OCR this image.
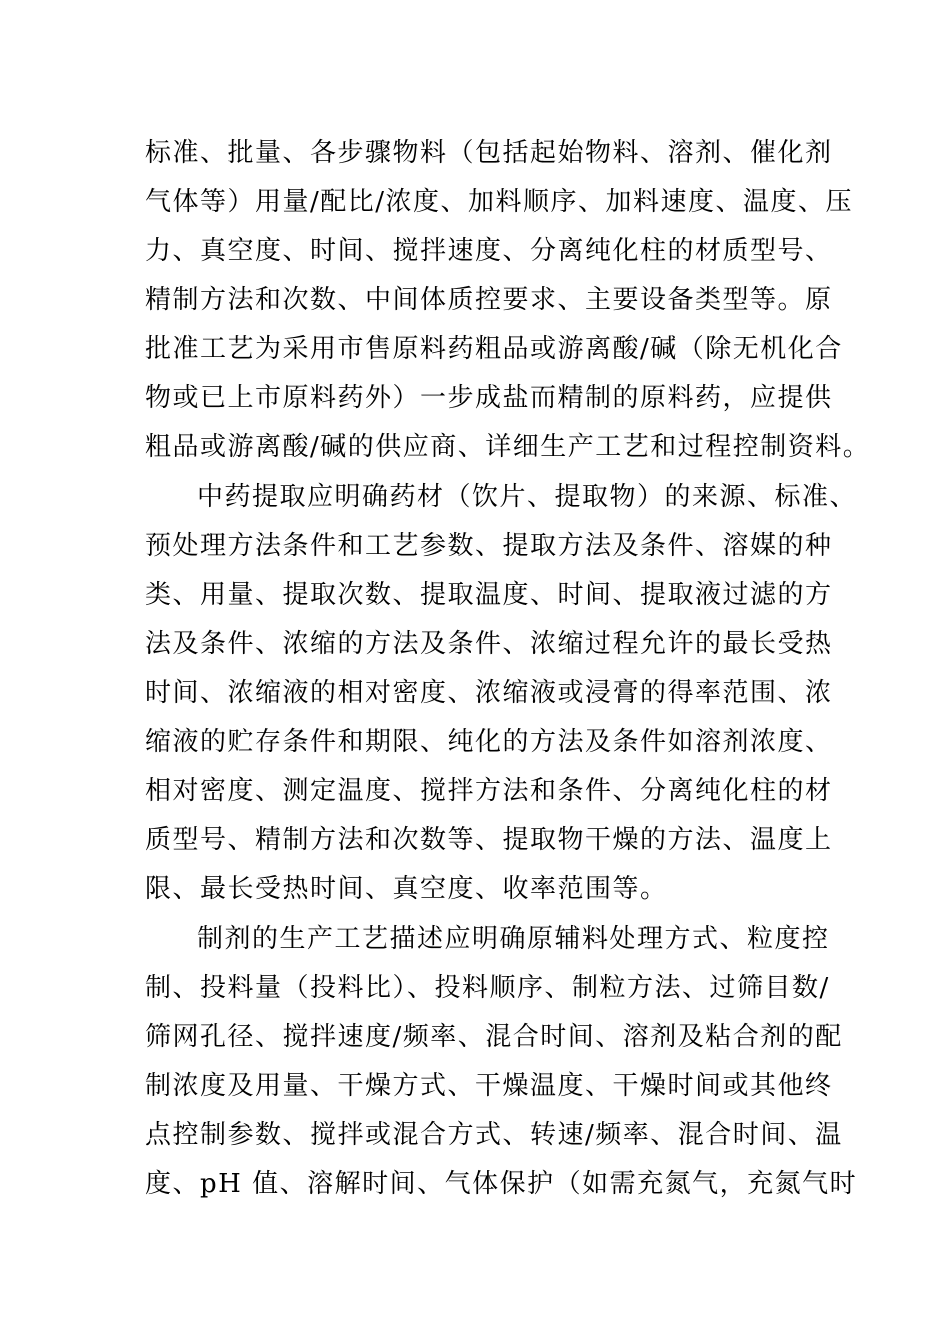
标准、批量、各步骤物料（包括起始物料、溶剂、催化剂
气体等）用量/配比/浓度、加料顺序、加料速度、温度、压
力、真空度、时间、搅拌速度、分离纯化柱的材质型号、
精制方法和次数、中间体质控要求、主要设备类型等。原
批准工艺为采用市售原料药粗品或游离酸/碱（除无机化合
物或已上市原料药外）一步成盐而精制的原料药，应提供
粗品或游离酸/碱的供应商、详细生产工艺和过程控制资料。
中药提取应明确药材（饮片、提取物）的来源、标准、
预处理方法条件和工艺参数、提取方法及条件、溶媒的种
类、用量、提取次数、提取温度、时间、提取液过滤的方
法及条件、浓缩的方法及条件、浓缩过程允许的最长受热
时间、浓缩液的相对密度、浓缩液或浸膏的得率范围、浓
缩液的贮存条件和期限、纯化的方法及条件如溶剂浓度、
相对密度、测定温度、搅拌方法和条件、分离纯化柱的材
质型号、精制方法和次数等、提取物干燥的方法、温度上
限、最长受热时间、真空度、收率范围等。
制剂的生产工艺描述应明确原辅料处理方式、粒度控
制、投料量（投料比）、投料顺序、制粒方法、过筛目数/
筛网孔径、搅拌速度/频率、混合时间、溶剂及粘合剂的配
制浓度及用量、干燥方式、干燥温度、干燥时间或其他终
点控制参数、搅拌或混合方式、转速/频率、混合时间、温
度、pH 值、溶解时间、气体保护（如需充氮气，充氮气时
